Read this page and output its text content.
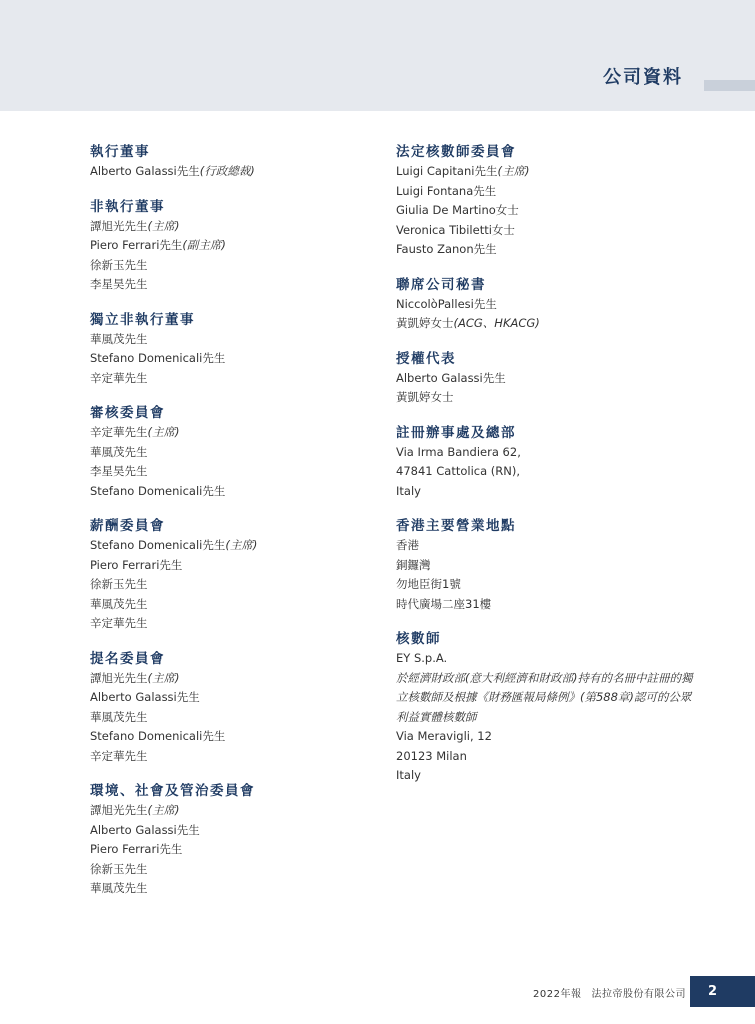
公司資料
執行董事
Alberto Galassi先生(行政總裁)
非執行董事
譚旭光先生(主席)
Piero Ferrari先生(副主席)
徐新玉先生
李星昊先生
獨立非執行董事
華風茂先生
Stefano Domenicali先生
辛定華先生
審核委員會
辛定華先生(主席)
華風茂先生
李星昊先生
Stefano Domenicali先生
薪酬委員會
Stefano Domenicali先生(主席)
Piero Ferrari先生
徐新玉先生
華風茂先生
辛定華先生
提名委員會
譚旭光先生(主席)
Alberto Galassi先生
華風茂先生
Stefano Domenicali先生
辛定華先生
環境、社會及管治委員會
譚旭光先生(主席)
Alberto Galassi先生
Piero Ferrari先生
徐新玉先生
華風茂先生
法定核數師委員會
Luigi Capitani先生(主席)
Luigi Fontana先生
Giulia De Martino女士
Veronica Tibiletti女士
Fausto Zanon先生
聯席公司秘書
NiccolòPallesi先生
黃凱婷女士(ACG、HKACG)
授權代表
Alberto Galassi先生
黃凱婷女士
註冊辦事處及總部
Via Irma Bandiera 62,
47841 Cattolica (RN),
Italy
香港主要營業地點
香港
銅鑼灣
勿地臣街1號
時代廣場二座31樓
核數師
EY S.p.A.
於經濟財政部(意大利經濟和財政部)持有的名冊中註冊的獨立核數師及根據《財務匯報局條例》(第588章)認可的公眾利益實體核數師
Via Meravigli, 12
20123 Milan
Italy
2022年報 法拉帝股份有限公司	2
